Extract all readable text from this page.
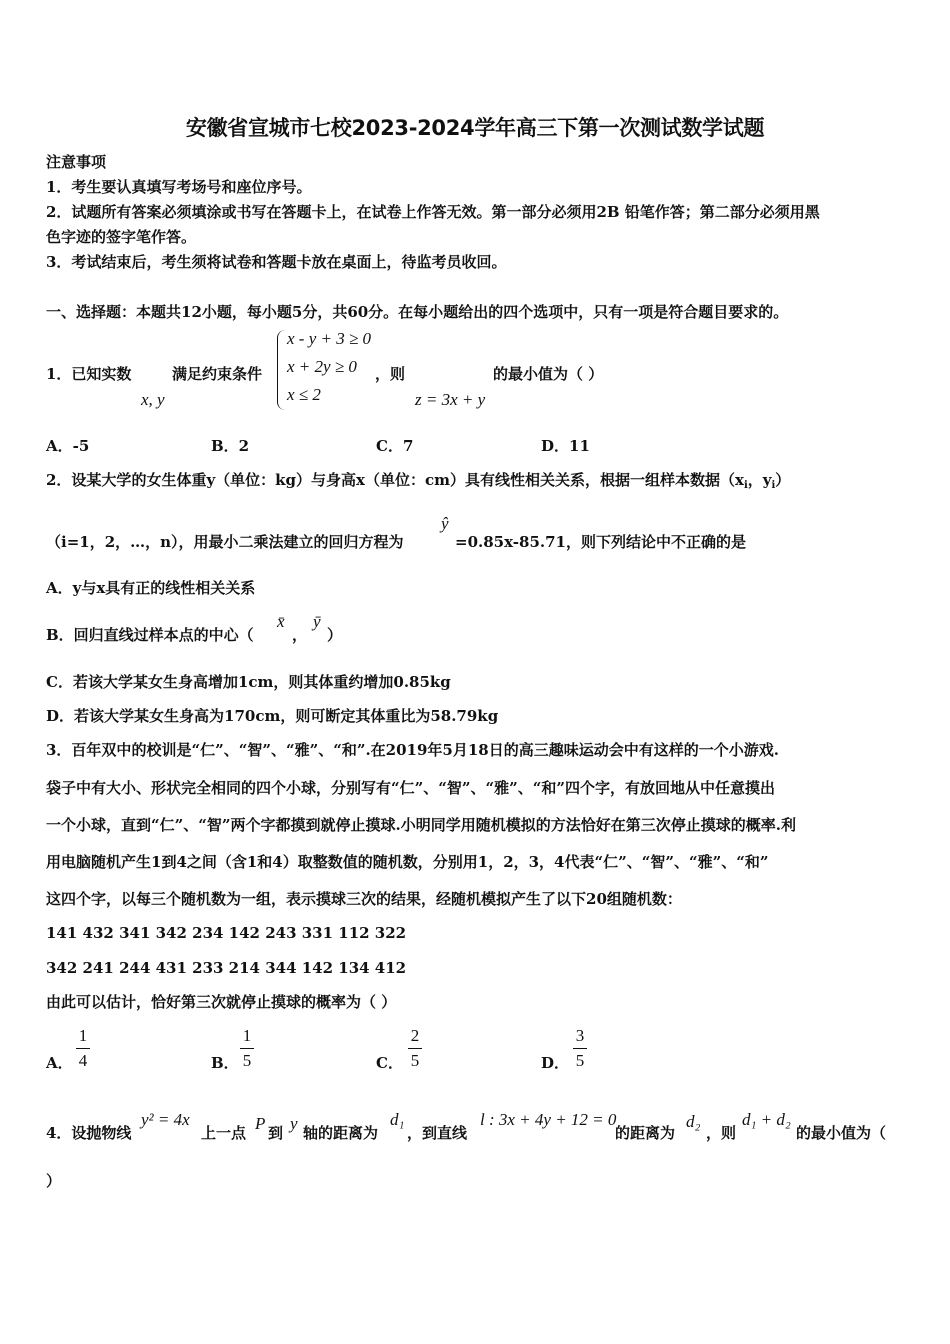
安徽省宣城市七校2023-2024学年高三下第一次测试数学试题
注意事项
1．考生要认真填写考场号和座位序号。
2．试题所有答案必须填涂或书写在答题卡上，在试卷上作答无效。第一部分必须用2B 铅笔作答；第二部分必须用黑
色字迹的签字笔作答。
3．考试结束后，考生须将试卷和答题卡放在桌面上，待监考员收回。
一、选择题：本题共12小题，每小题5分，共60分。在每小题给出的四个选项中，只有一项是符合题目要求的。
1．已知实数	满足约束条件
x, y
x - y + 3 ≥ 0
x + 2y ≥ 0
x ≤ 2
，则
z = 3x + y
的最小值为（ ）
A．-5	B．2	C．7	D．11
2．设某大学的女生体重y（单位：kg）与身高x（单位：cm）具有线性相关关系，根据一组样本数据（$x_i$，$y_i$）
（i=1，2，…，n），用最小二乘法建立的回归方程为
ŷ
=0.85x-85.71，则下列结论中不正确的是
A．y与x具有正的线性相关关系
B．回归直线过样本点的中心（
x̄
，
ȳ
）
C．若该大学某女生身高增加1cm，则其体重约增加0.85kg
D．若该大学某女生身高为170cm，则可断定其体重比为58.79kg
3．百年双中的校训是“仁”、“智”、“雅”、“和”.在2019年5月18日的高三趣味运动会中有这样的一个小游戏.
袋子中有大小、形状完全相同的四个小球，分别写有“仁”、“智”、“雅”、“和”四个字，有放回地从中任意摸出
一个小球，直到“仁”、“智”两个字都摸到就停止摸球.小明同学用随机模拟的方法恰好在第三次停止摸球的概率.利
用电脑随机产生1到4之间（含1和4）取整数值的随机数，分别用1，2，3，4代表“仁”、“智”、“雅”、“和”
这四个字，以每三个随机数为一组，表示摸球三次的结果，经随机模拟产生了以下20组随机数：
141 432 341 342 234 142 243 331 112 322
342 241 244 431 233 214 344 142 134 412
由此可以估计，恰好第三次就停止摸球的概率为（ ）
A．
1
4	B．
1
5	C．
2
5	D．
3
5
4．设抛物线
y² = 4x
上一点 P 到 y 轴的距离为
d₁
，到直线
l : 3x + 4y + 12 = 0
的距离为
d₂
，则
d₁ + d₂
的最小值为（
）
